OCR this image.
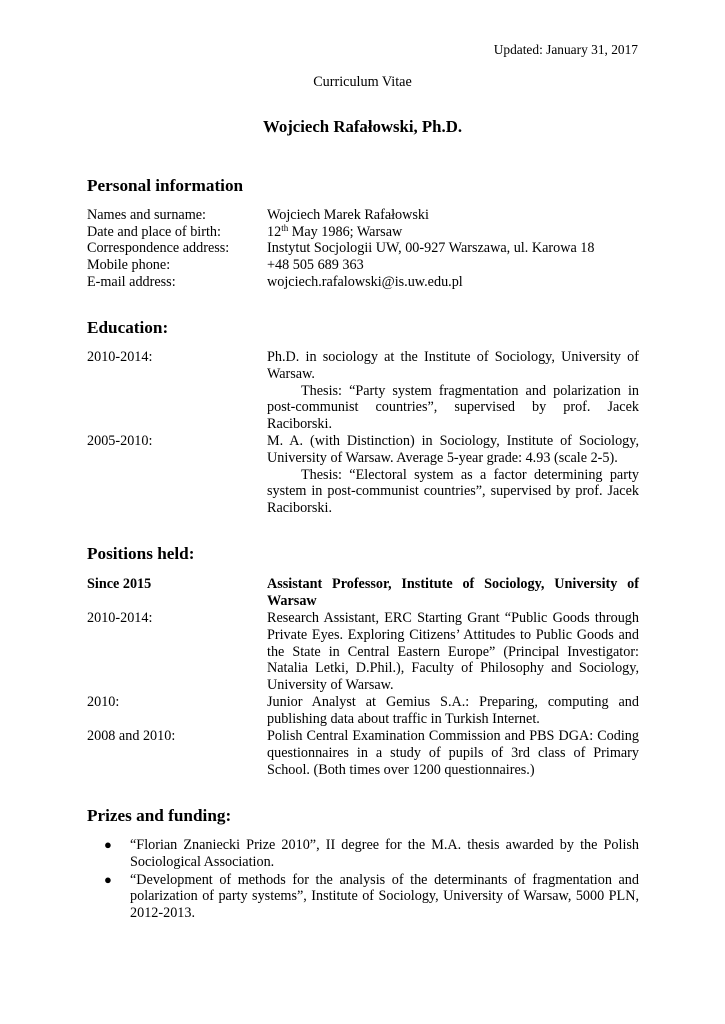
Updated: January 31, 2017
Curriculum Vitae
Wojciech Rafałowski, Ph.D.
Personal information
Names and surname:	Wojciech Marek Rafałowski
Date and place of birth:	12th May 1986; Warsaw
Correspondence address:	Instytut Socjologii UW, 00-927 Warszawa, ul. Karowa 18
Mobile phone:	+48 505 689 363
E-mail address:	wojciech.rafalowski@is.uw.edu.pl
Education:
2010-2014:	Ph.D. in sociology at the Institute of Sociology, University of Warsaw.
Thesis: “Party system fragmentation and polarization in post-communist countries”, supervised by prof. Jacek Raciborski.
2005-2010:	M. A. (with Distinction) in Sociology, Institute of Sociology, University of Warsaw. Average 5-year grade: 4.93 (scale 2-5).
Thesis: “Electoral system as a factor determining party system in post-communist countries”, supervised by prof. Jacek Raciborski.
Positions held:
Since 2015	Assistant Professor, Institute of Sociology, University of Warsaw
2010-2014:	Research Assistant, ERC Starting Grant “Public Goods through Private Eyes. Exploring Citizens’ Attitudes to Public Goods and the State in Central Eastern Europe” (Principal Investigator: Natalia Letki, D.Phil.), Faculty of Philosophy and Sociology, University of Warsaw.
2010:	Junior Analyst at Gemius S.A.: Preparing, computing and publishing data about traffic in Turkish Internet.
2008 and 2010:	Polish Central Examination Commission and PBS DGA: Coding questionnaires in a study of pupils of 3rd class of Primary School. (Both times over 1200 questionnaires.)
Prizes and funding:
●	“Florian Znaniecki Prize 2010”, II degree for the M.A. thesis awarded by the Polish Sociological Association.
●	“Development of methods for the analysis of the determinants of fragmentation and polarization of party systems”, Institute of Sociology, University of Warsaw, 5000 PLN, 2012-2013.
